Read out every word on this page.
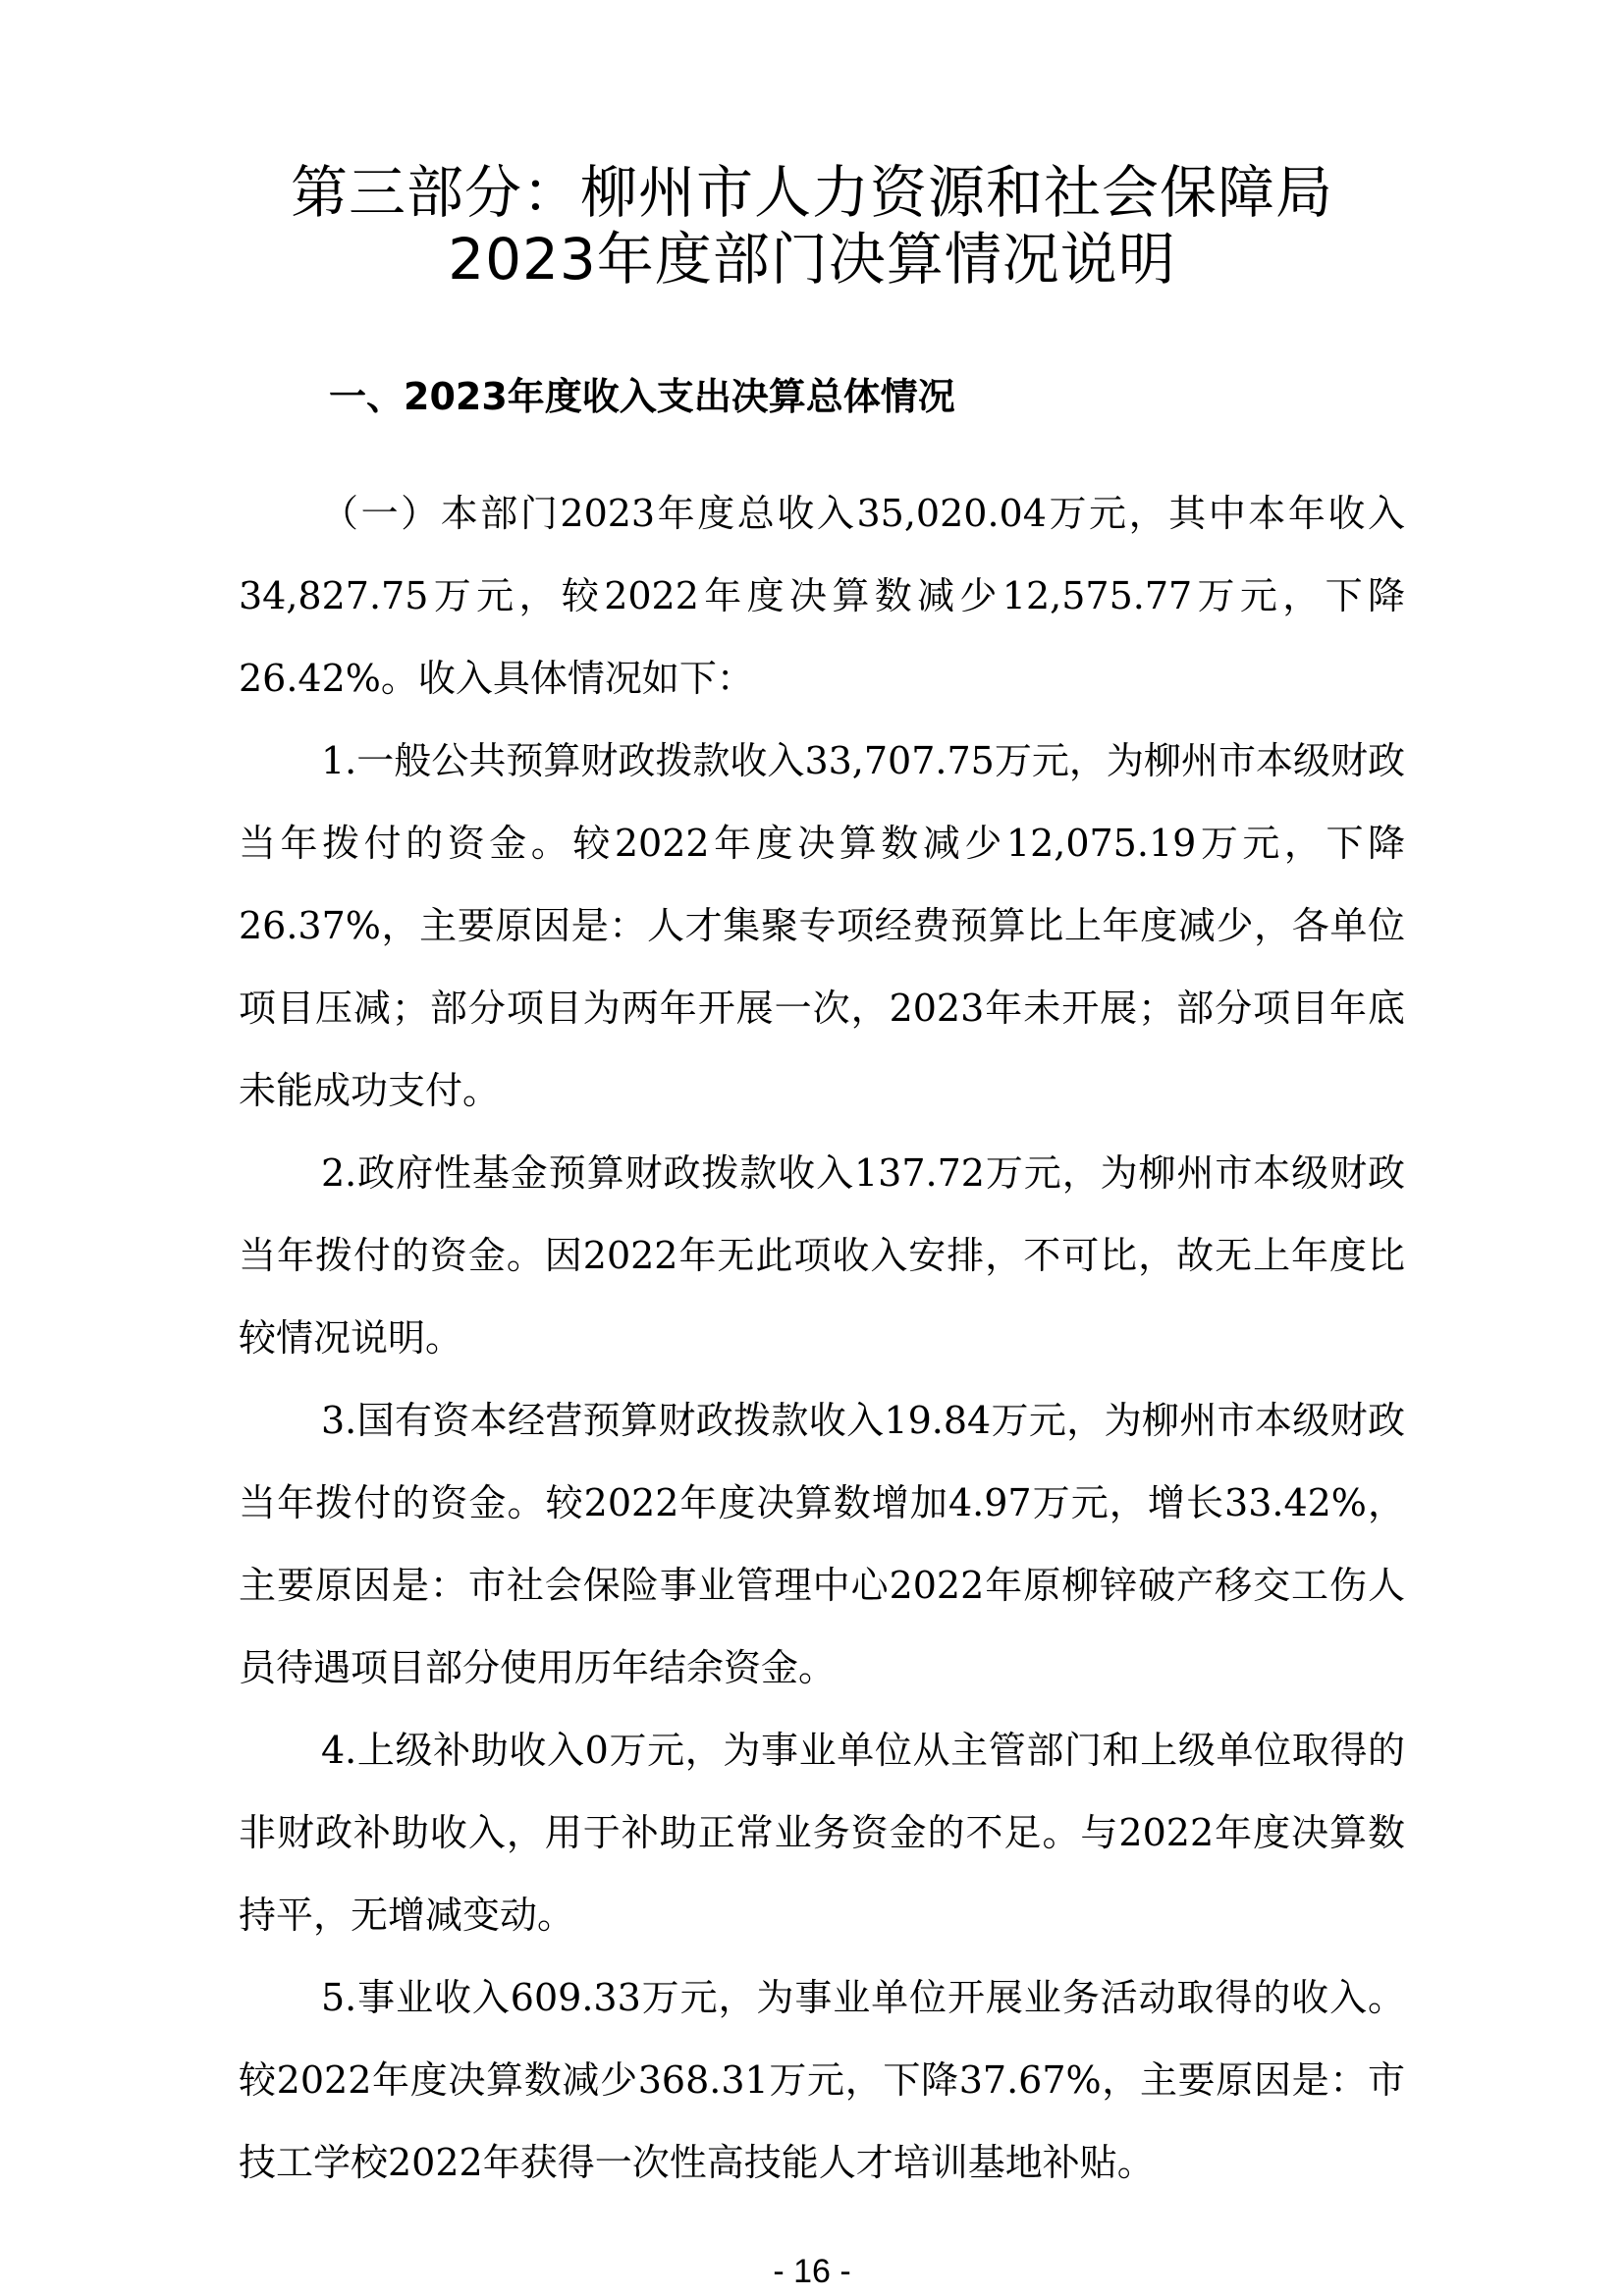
第三部分：柳州市人力资源和社会保障局
2023年度部门决算情况说明
一、2023年度收入支出决算总体情况

（一）本部门2023年度总收入35,020.04万元，其中本年收入34,827.75万元，较2022年度决算数减少12,575.77万元，下降26.42%。收入具体情况如下：

1.一般公共预算财政拨款收入33,707.75万元，为柳州市本级财政当年拨付的资金。较2022年度决算数减少12,075.19万元，下降26.37%，主要原因是：人才集聚专项经费预算比上年度减少，各单位项目压减；部分项目为两年开展一次，2023年未开展；部分项目年底未能成功支付。

2.政府性基金预算财政拨款收入137.72万元，为柳州市本级财政当年拨付的资金。因2022年无此项收入安排，不可比，故无上年度比较情况说明。

3.国有资本经营预算财政拨款收入19.84万元，为柳州市本级财政当年拨付的资金。较2022年度决算数增加4.97万元，增长33.42%，主要原因是：市社会保险事业管理中心2022年原柳锌破产移交工伤人员待遇项目部分使用历年结余资金。

4.上级补助收入0万元，为事业单位从主管部门和上级单位取得的非财政补助收入，用于补助正常业务资金的不足。与2022年度决算数持平，无增减变动。

5.事业收入609.33万元，为事业单位开展业务活动取得的收入。较2022年度决算数减少368.31万元，下降37.67%，主要原因是：市技工学校2022年获得一次性高技能人才培训基地补贴。

- 16 -
